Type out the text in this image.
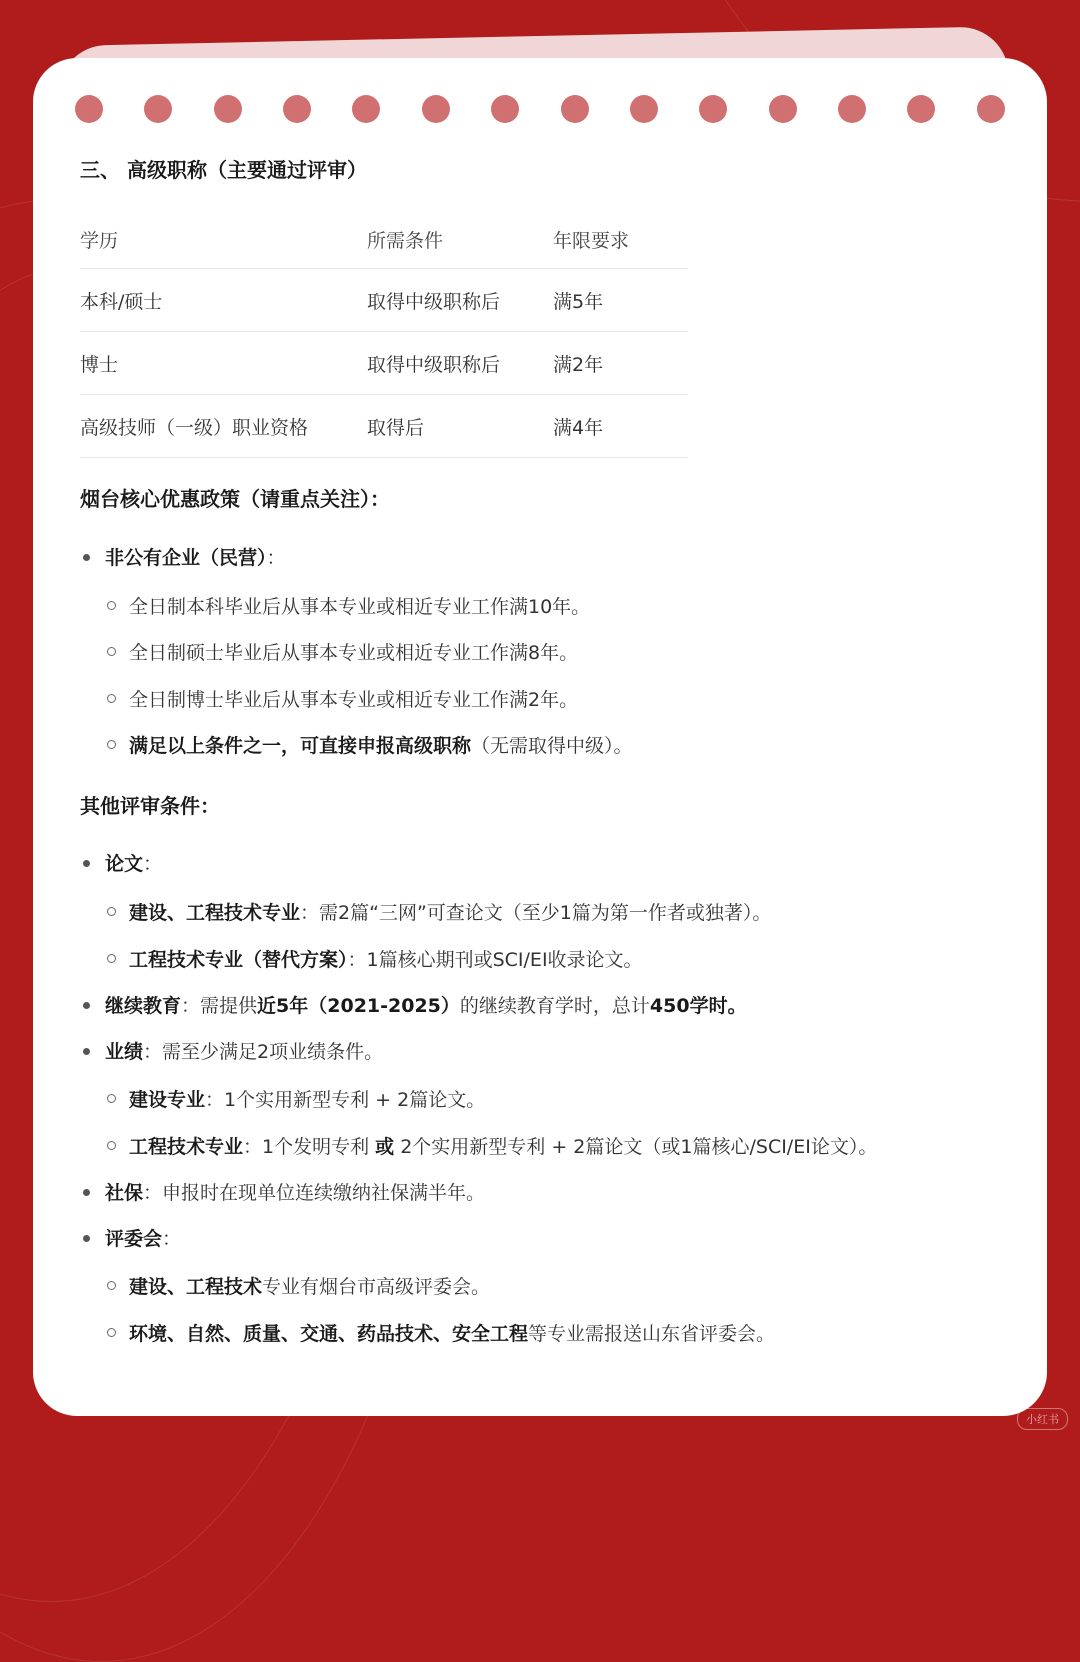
三、 高级职称（主要通过评审）
学历	所需条件	年限要求
本科/硕士	取得中级职称后	满5年
博士	取得中级职称后	满2年
高级技师（一级）职业资格	取得后	满4年
烟台核心优惠政策（请重点关注）：
非公有企业（民营）：
全日制本科毕业后从事本专业或相近专业工作满10年。
全日制硕士毕业后从事本专业或相近专业工作满8年。
全日制博士毕业后从事本专业或相近专业工作满2年。
满足以上条件之一，可直接申报高级职称（无需取得中级）。
其他评审条件：
论文：
建设、工程技术专业：需2篇“三网”可查论文（至少1篇为第一作者或独著）。
工程技术专业（替代方案）：1篇核心期刊或SCI/EI收录论文。
继续教育：需提供近5年（2021-2025）的继续教育学时，总计450学时。
业绩：需至少满足2项业绩条件。
建设专业：1个实用新型专利 + 2篇论文。
工程技术专业：1个发明专利 或 2个实用新型专利 + 2篇论文（或1篇核心/SCI/EI论文）。
社保：申报时在现单位连续缴纳社保满半年。
评委会：
建设、工程技术专业有烟台市高级评委会。
环境、自然、质量、交通、药品技术、安全工程等专业需报送山东省评委会。
小红书
